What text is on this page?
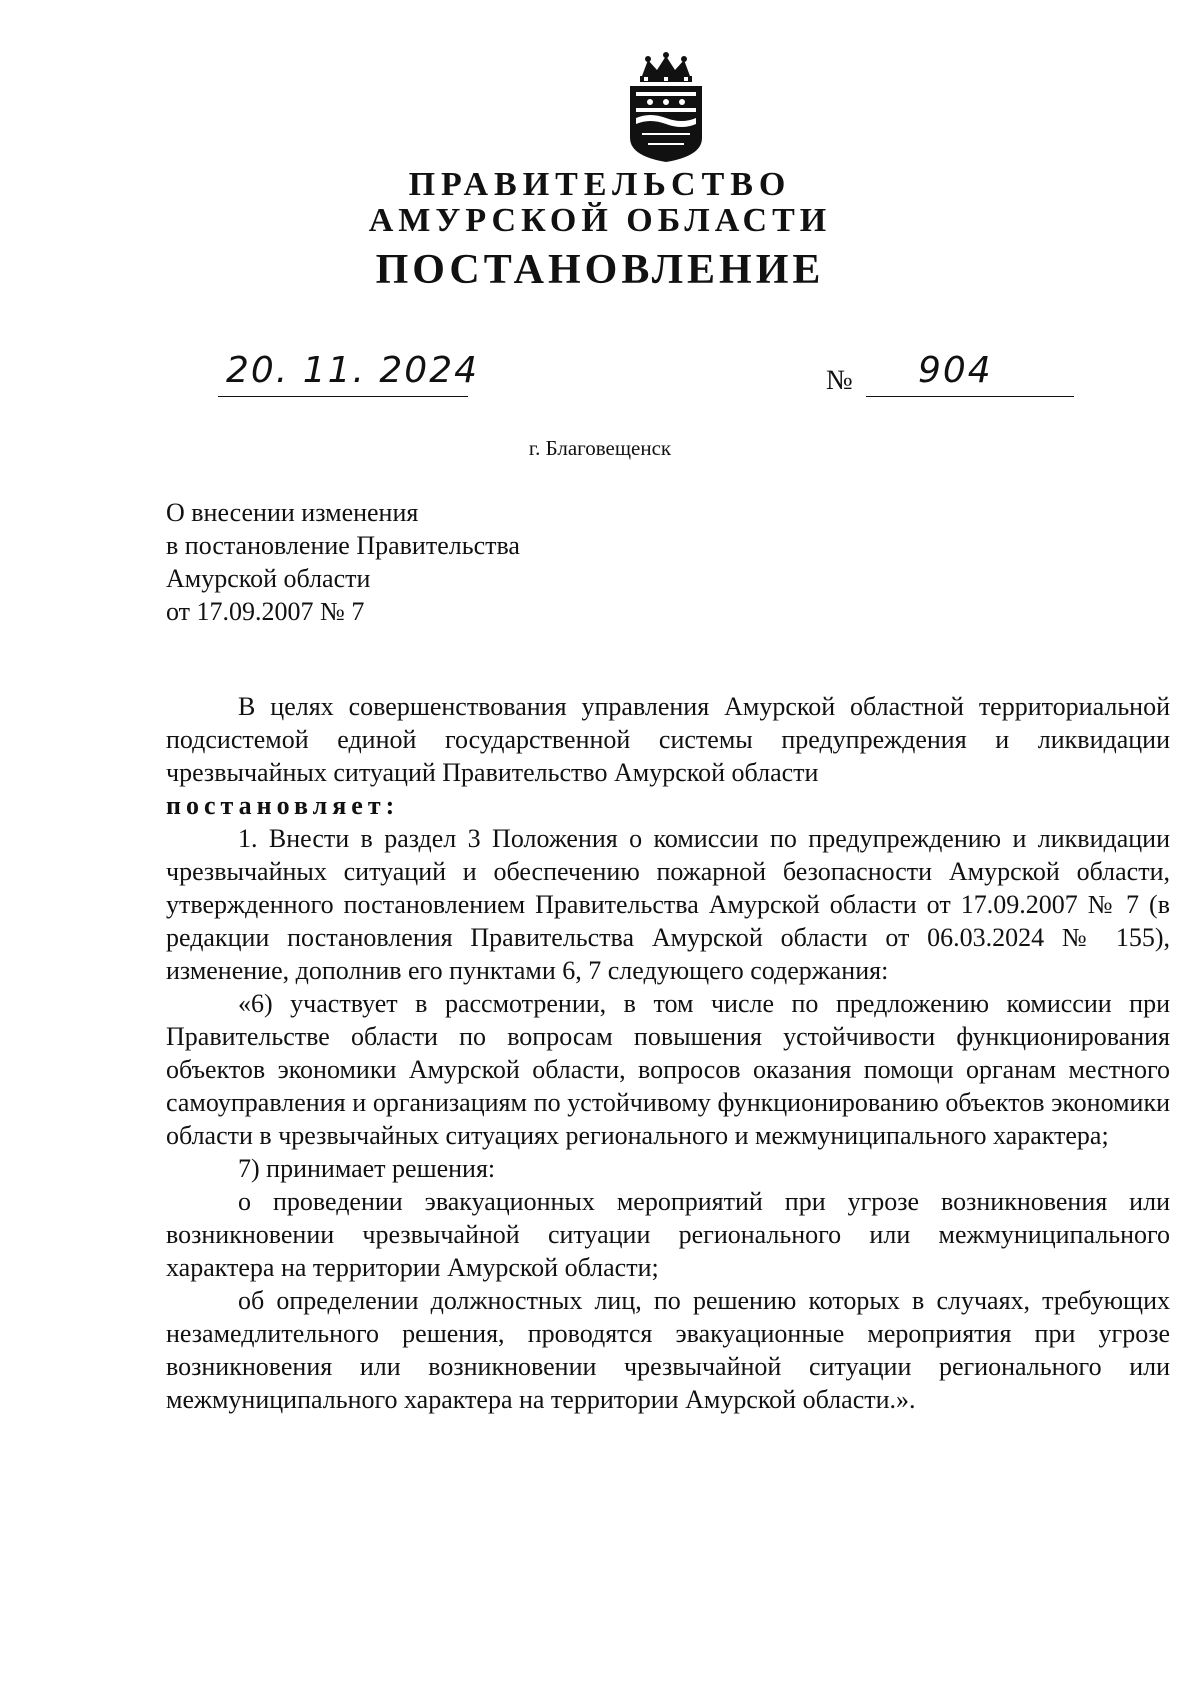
ПРАВИТЕЛЬСТВО
АМУРСКОЙ ОБЛАСТИ
ПОСТАНОВЛЕНИЕ
20. 11. 2024	№ 904
г. Благовещенск
О внесении изменения
в постановление Правительства
Амурской области
от 17.09.2007 № 7

В целях совершенствования управления Амурской областной территориальной подсистемой единой государственной системы предупреждения и ликвидации чрезвычайных ситуаций Правительство Амурской области

постановляет:

1. Внести в раздел 3 Положения о комиссии по предупреждению и ликвидации чрезвычайных ситуаций и обеспечению пожарной безопасности Амурской области, утвержденного постановлением Правительства Амурской области от 17.09.2007 № 7 (в редакции постановления Правительства Амурской области от 06.03.2024 № 155), изменение, дополнив его пунктами 6, 7 следующего содержания:

«6) участвует в рассмотрении, в том числе по предложению комиссии при Правительстве области по вопросам повышения устойчивости функционирования объектов экономики Амурской области, вопросов оказания помощи органам местного самоуправления и организациям по устойчивому функционированию объектов экономики области в чрезвычайных ситуациях регионального и межмуниципального характера;

7) принимает решения:

о проведении эвакуационных мероприятий при угрозе возникновения или возникновении чрезвычайной ситуации регионального или межмуниципального характера на территории Амурской области;

об определении должностных лиц, по решению которых в случаях, требующих незамедлительного решения, проводятся эвакуационные мероприятия при угрозе возникновения или возникновении чрезвычайной ситуации регионального или межмуниципального характера на территории Амурской области.».
